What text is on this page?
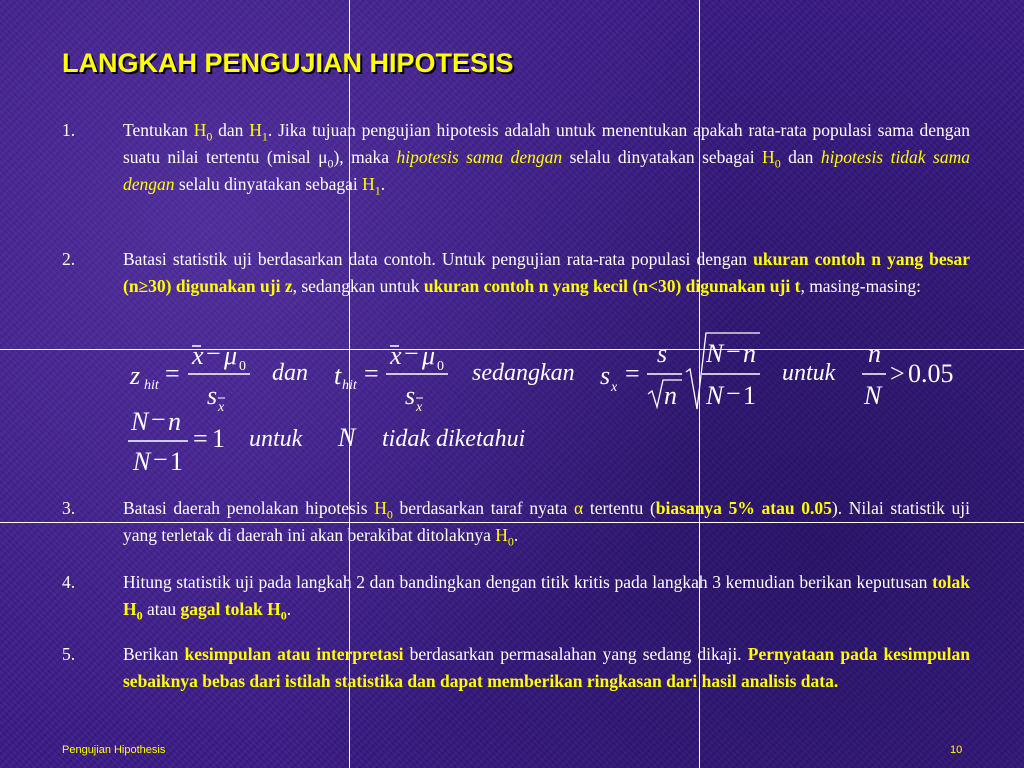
LANGKAH PENGUJIAN HIPOTESIS
1.	Tentukan $H_0$ dan $H_1$. Jika tujuan pengujian hipotesis adalah untuk menentukan apakah rata-rata populasi sama dengan suatu nilai tertentu (misal $\mu_0$), maka hipotesis sama dengan selalu dinyatakan sebagai $H_0$ dan hipotesis tidak sama dengan selalu dinyatakan sebagai $H_1$.
2.	Batasi statistik uji berdasarkan data contoh. Untuk pengujian rata-rata populasi dengan ukuran contoh n yang besar (n≥30) digunakan uji z, sedangkan untuk ukuran contoh n yang kecil (n<30) digunakan uji t, masing-masing:
z hit =
x − μ 0
s x
dan t hit =
x − μ 0
s x
sedangkan s x =
s
n
N − n
N − 1
untuk
n
N
> 0.05
N − n
N − 1
= 1 untuk N tidak diketahui
3.	Batasi daerah penolakan hipotesis $H_0$ berdasarkan taraf nyata α tertentu (biasanya 5% atau 0.05). Nilai statistik uji yang terletak di daerah ini akan berakibat ditolaknya $H_0$.
4.	Hitung statistik uji pada langkah 2 dan bandingkan dengan titik kritis pada langkah 3 kemudian berikan keputusan tolak $H_0$ atau gagal tolak $H_0$.
5.	Berikan kesimpulan atau interpretasi berdasarkan permasalahan yang sedang dikaji. Pernyataan pada kesimpulan sebaiknya bebas dari istilah statistika dan dapat memberikan ringkasan dari hasil analisis data.
Pengujian Hipothesis	10
